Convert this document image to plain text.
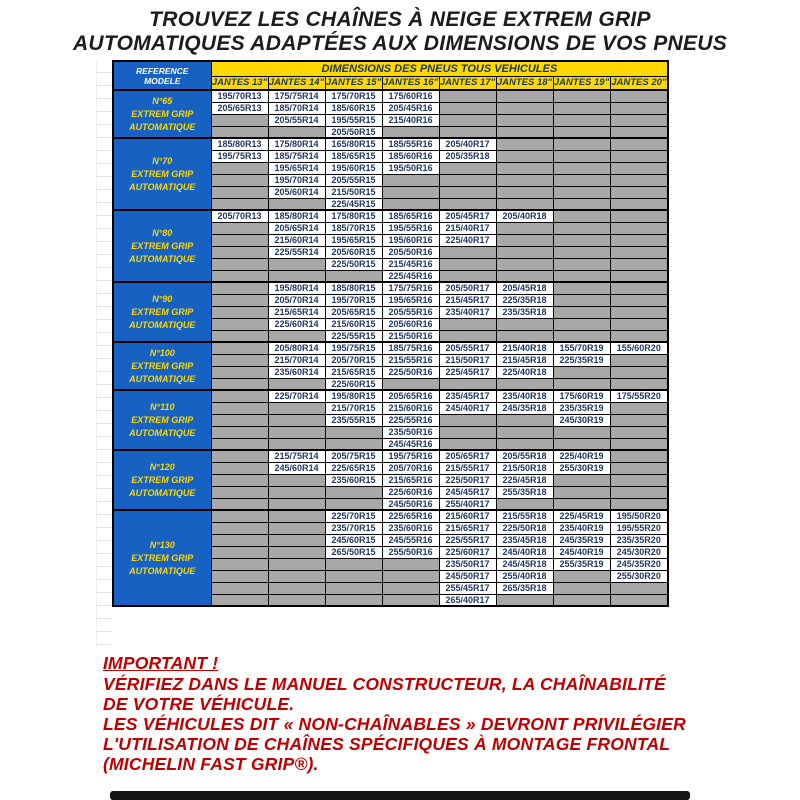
TROUVEZ LES CHAÎNES À NEIGE EXTREM GRIP
AUTOMATIQUES ADAPTÉES AUX DIMENSIONS DE VOS PNEUS
REFERENCE
MODELE	DIMENSIONS DES PNEUS TOUS VEHICULES							
	JANTES 13"	JANTES 14"	JANTES 15"	JANTES 16"	JANTES 17"	JANTES 18"	JANTES 19"	JANTES 20"

N°65
EXTREM GRIP
AUTOMATIQUE	195/70R13	175/75R14	175/70R15	175/60R16				
	205/65R13	185/70R14	185/60R15	205/45R16				
		205/55R14	195/55R15	215/40R16				
			205/50R15					

N°70
EXTREM GRIP
AUTOMATIQUE	185/80R13	175/80R14	165/80R15	185/55R16	205/40R17			
	195/75R13	185/75R14	185/65R15	185/60R16	205/35R18			
		195/65R14	195/60R15	195/50R16				
		195/70R14	205/55R15					
		205/60R14	215/50R15					
			225/45R15					

N°80
EXTREM GRIP
AUTOMATIQUE	205/70R13	185/80R14	175/80R15	185/65R16	205/45R17	205/40R18		
		205/65R14	185/70R15	195/55R16	215/40R17			
		215/60R14	195/65R15	195/60R16	225/40R17			
		225/55R14	205/60R15	205/50R16				
			225/50R15	215/45R16				
				225/45R16				

N°90
EXTREM GRIP
AUTOMATIQUE		195/80R14	185/80R15	175/75R16	205/50R17	205/45R18		
		205/70R14	195/70R15	195/65R16	215/45R17	225/35R18		
		215/65R14	205/65R15	205/55R16	235/40R17	235/35R18		
		225/60R14	215/60R15	205/60R16				
			225/55R15	215/50R16				

N°100
EXTREM GRIP
AUTOMATIQUE		205/80R14	195/75R15	185/75R16	205/55R17	215/40R18	155/70R19	155/60R20
		215/70R14	205/70R15	215/55R16	215/50R17	215/45R18	225/35R19	
		235/60R14	215/65R15	225/50R16	225/45R17	225/40R18		
			225/60R15					

N°110
EXTREM GRIP
AUTOMATIQUE		225/70R14	195/80R15	205/65R16	235/45R17	235/40R18	175/60R19	175/55R20
			215/70R15	215/60R16	245/40R17	245/35R18	235/35R19	
			235/55R15	225/55R16			245/30R19	
				235/50R16				
				245/45R16				

N°120
EXTREM GRIP
AUTOMATIQUE		215/75R14	205/75R15	195/75R16	205/65R17	205/55R18	225/40R19	
		245/60R14	225/65R15	205/70R16	215/55R17	215/50R18	255/30R19	
			235/60R15	215/65R16	225/50R17	225/45R18		
				225/60R16	245/45R17	255/35R18		
				245/50R16	255/40R17			

N°130
EXTREM GRIP
AUTOMATIQUE			225/70R15	225/65R16	215/60R17	215/55R18	225/45R19	195/50R20
			235/70R15	235/60R16	215/65R17	225/50R18	235/40R19	195/55R20
			245/60R15	245/55R16	225/55R17	235/45R18	245/35R19	235/35R20
			265/50R15	255/50R16	225/60R17	245/40R18	245/40R19	245/30R20
					235/50R17	245/45R18	255/35R19	245/35R20
					245/50R17	255/40R18		255/30R20
					255/45R17	265/35R18		
					265/40R17			
IMPORTANT !
VÉRIFIEZ DANS LE MANUEL CONSTRUCTEUR, LA CHAÎNABILITÉ
DE VOTRE VÉHICULE.
LES VÉHICULES DIT « NON-CHAÎNABLES » DEVRONT PRIVILÉGIER
L'UTILISATION DE CHAÎNES SPÉCIFIQUES À MONTAGE FRONTAL
(MICHELIN FAST GRIP®).
